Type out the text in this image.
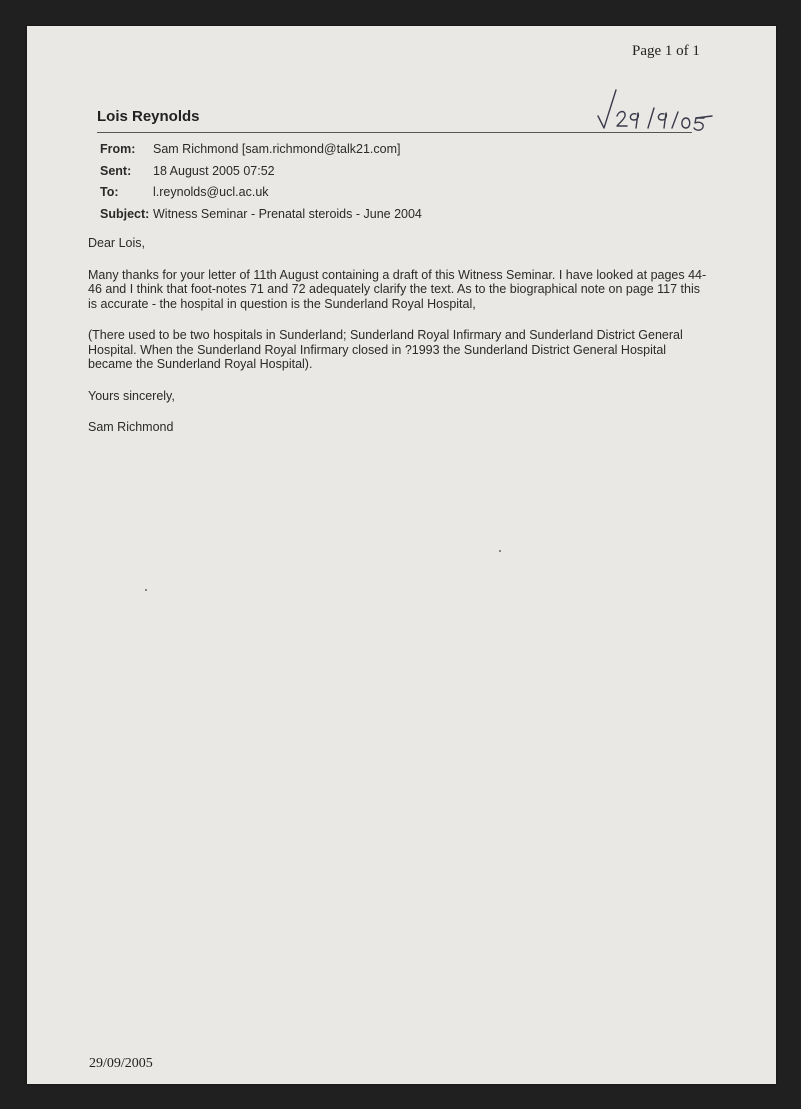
Page 1 of 1
Lois Reynolds
From:	Sam Richmond [sam.richmond@talk21.com]
Sent:	18 August 2005 07:52
To:	l.reynolds@ucl.ac.uk
Subject:	Witness Seminar - Prenatal steroids - June 2004

Dear Lois,

Many thanks for your letter of 11th August containing a draft of this Witness Seminar. I have looked at pages 44-46 and I think that foot-notes 71 and 72 adequately clarify the text. As to the biographical note on page 117 this is accurate - the hospital in question is the Sunderland Royal Hospital,

(There used to be two hospitals in Sunderland; Sunderland Royal Infirmary and Sunderland District General Hospital. When the Sunderland Royal Infirmary closed in ?1993 the Sunderland District General Hospital became the Sunderland Royal Hospital).

Yours sincerely,

Sam Richmond

29/09/2005
